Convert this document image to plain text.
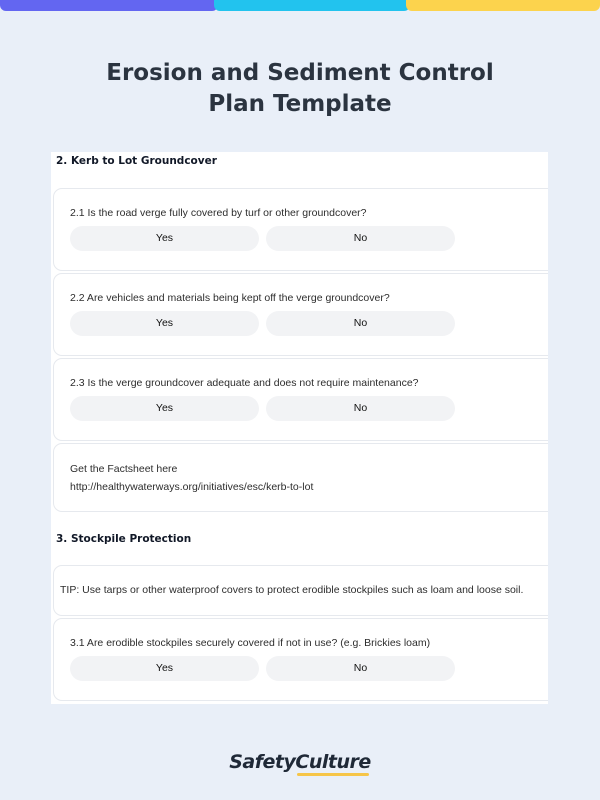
Erosion and Sediment Control
Plan Template
2. Kerb to Lot Groundcover
2.1 Is the road verge fully covered by turf or other groundcover?
Yes	No
2.2 Are vehicles and materials being kept off the verge groundcover?
Yes	No
2.3 Is the verge groundcover adequate and does not require maintenance?
Yes	No
Get the Factsheet here
http://healthywaterways.org/initiatives/esc/kerb-to-lot
3. Stockpile Protection
TIP: Use tarps or other waterproof covers to protect erodible stockpiles such as loam and loose soil.
3.1 Are erodible stockpiles securely covered if not in use? (e.g. Brickies loam)
Yes	No
SafetyCulture
